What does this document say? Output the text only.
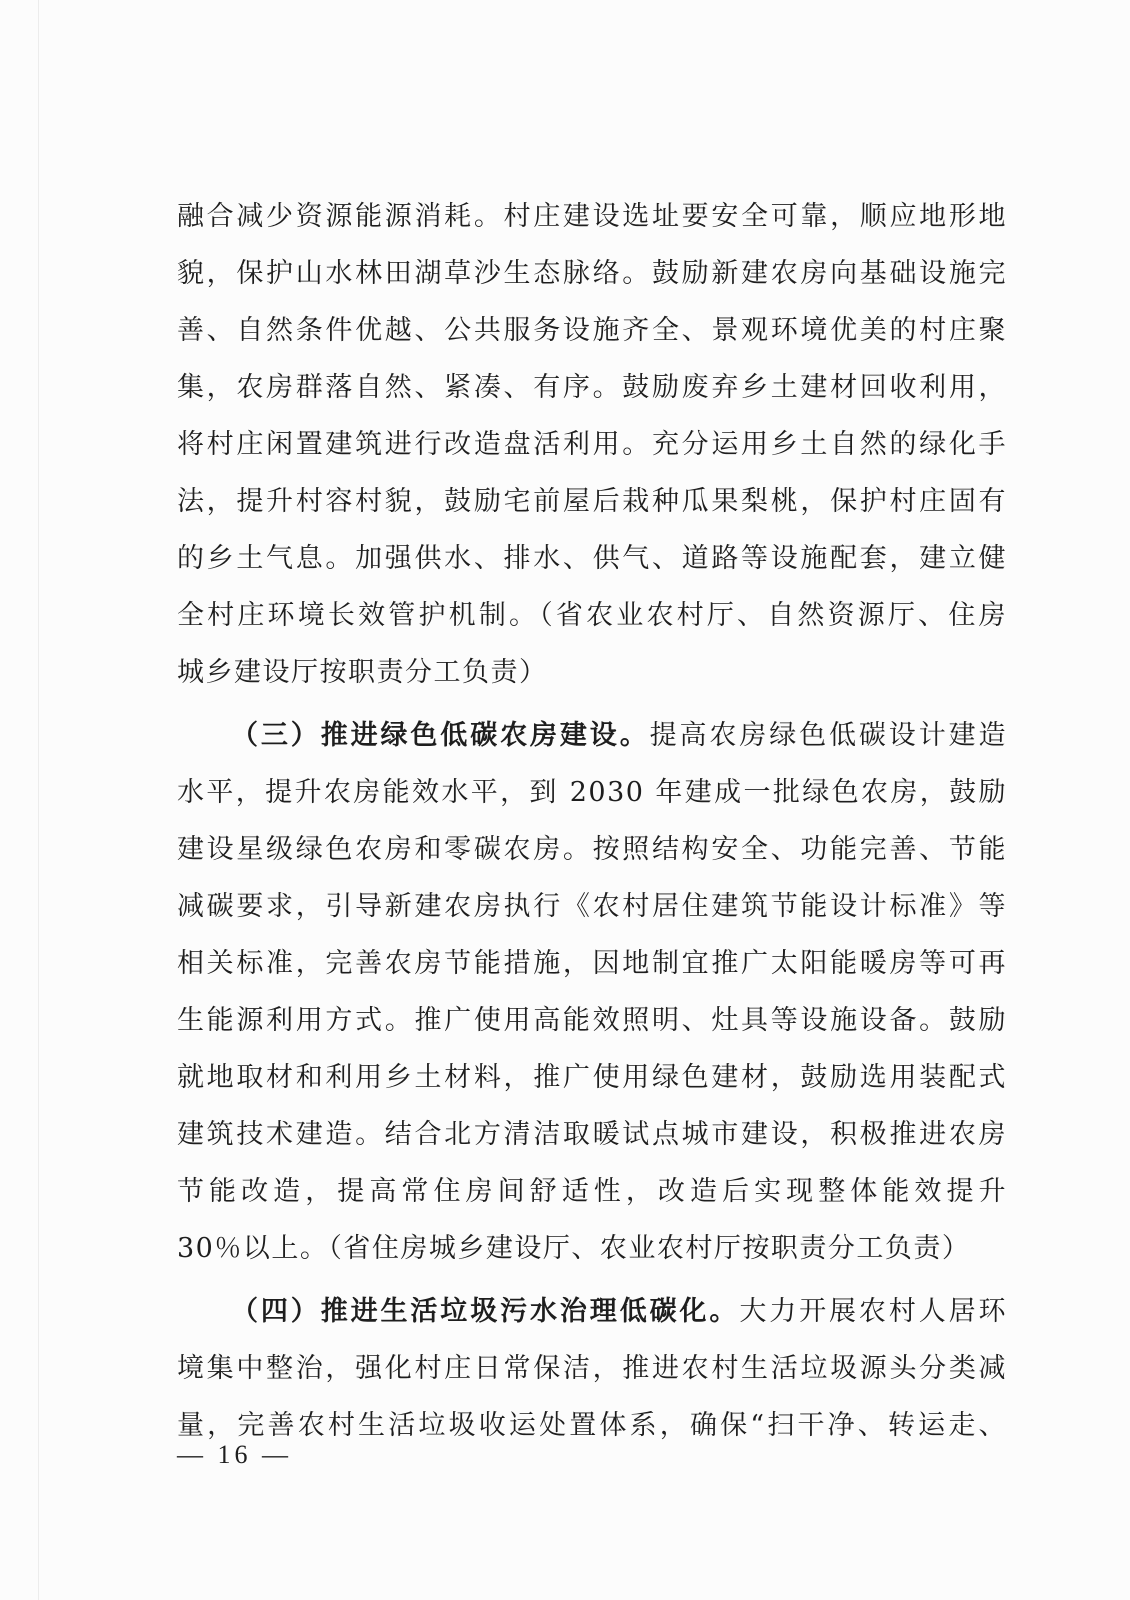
融合减少资源能源消耗。村庄建设选址要安全可靠，顺应地形地
貌，保护山水林田湖草沙生态脉络。鼓励新建农房向基础设施完
善、自然条件优越、公共服务设施齐全、景观环境优美的村庄聚
集，农房群落自然、紧凑、有序。鼓励废弃乡土建材回收利用，
将村庄闲置建筑进行改造盘活利用。充分运用乡土自然的绿化手
法，提升村容村貌，鼓励宅前屋后栽种瓜果梨桃，保护村庄固有
的乡土气息。加强供水、排水、供气、道路等设施配套，建立健
全村庄环境长效管护机制。（省农业农村厅、自然资源厅、住房
城乡建设厅按职责分工负责）
（三）推进绿色低碳农房建设。提高农房绿色低碳设计建造
水平，提升农房能效水平，到 2030 年建成一批绿色农房，鼓励
建设星级绿色农房和零碳农房。按照结构安全、功能完善、节能
减碳要求，引导新建农房执行《农村居住建筑节能设计标准》等
相关标准，完善农房节能措施，因地制宜推广太阳能暖房等可再
生能源利用方式。推广使用高能效照明、灶具等设施设备。鼓励
就地取材和利用乡土材料，推广使用绿色建材，鼓励选用装配式
建筑技术建造。结合北方清洁取暖试点城市建设，积极推进农房
节能改造，提高常住房间舒适性，改造后实现整体能效提升
30％以上。（省住房城乡建设厅、农业农村厅按职责分工负责）
（四）推进生活垃圾污水治理低碳化。大力开展农村人居环
境集中整治，强化村庄日常保洁，推进农村生活垃圾源头分类减
量，完善农村生活垃圾收运处置体系，确保“扫干净、转运走、
— 16 —
